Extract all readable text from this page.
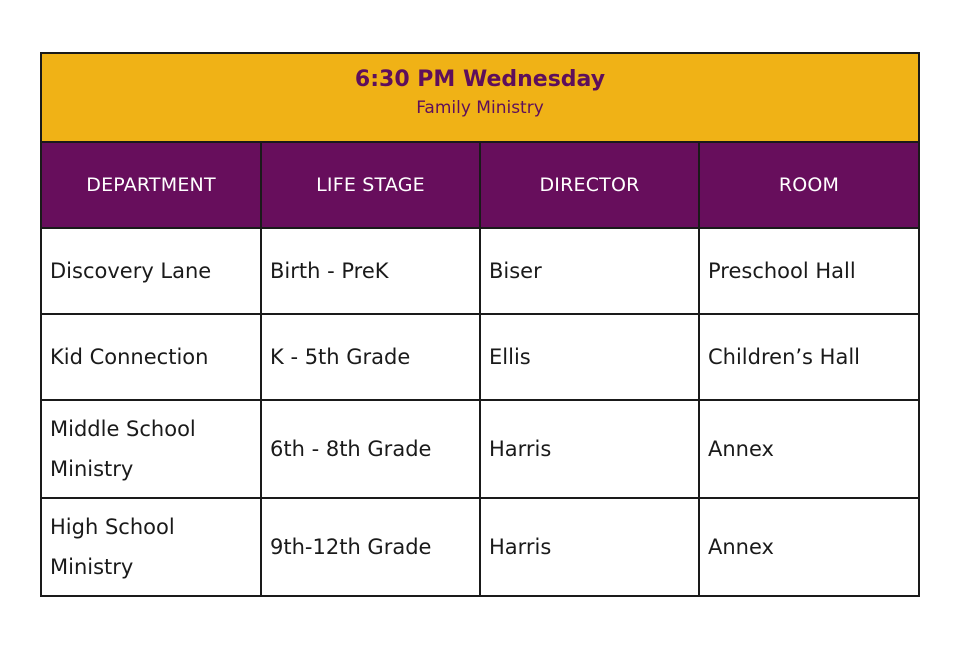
6:30 PM Wednesday
Family Ministry
DEPARTMENT	LIFE STAGE	DIRECTOR	ROOM
Discovery Lane	Birth - PreK	Biser	Preschool Hall
Kid Connection	K - 5th Grade	Ellis	Children’s Hall
Middle School Ministry	6th - 8th Grade	Harris	Annex
High School Ministry	9th-12th Grade	Harris	Annex
